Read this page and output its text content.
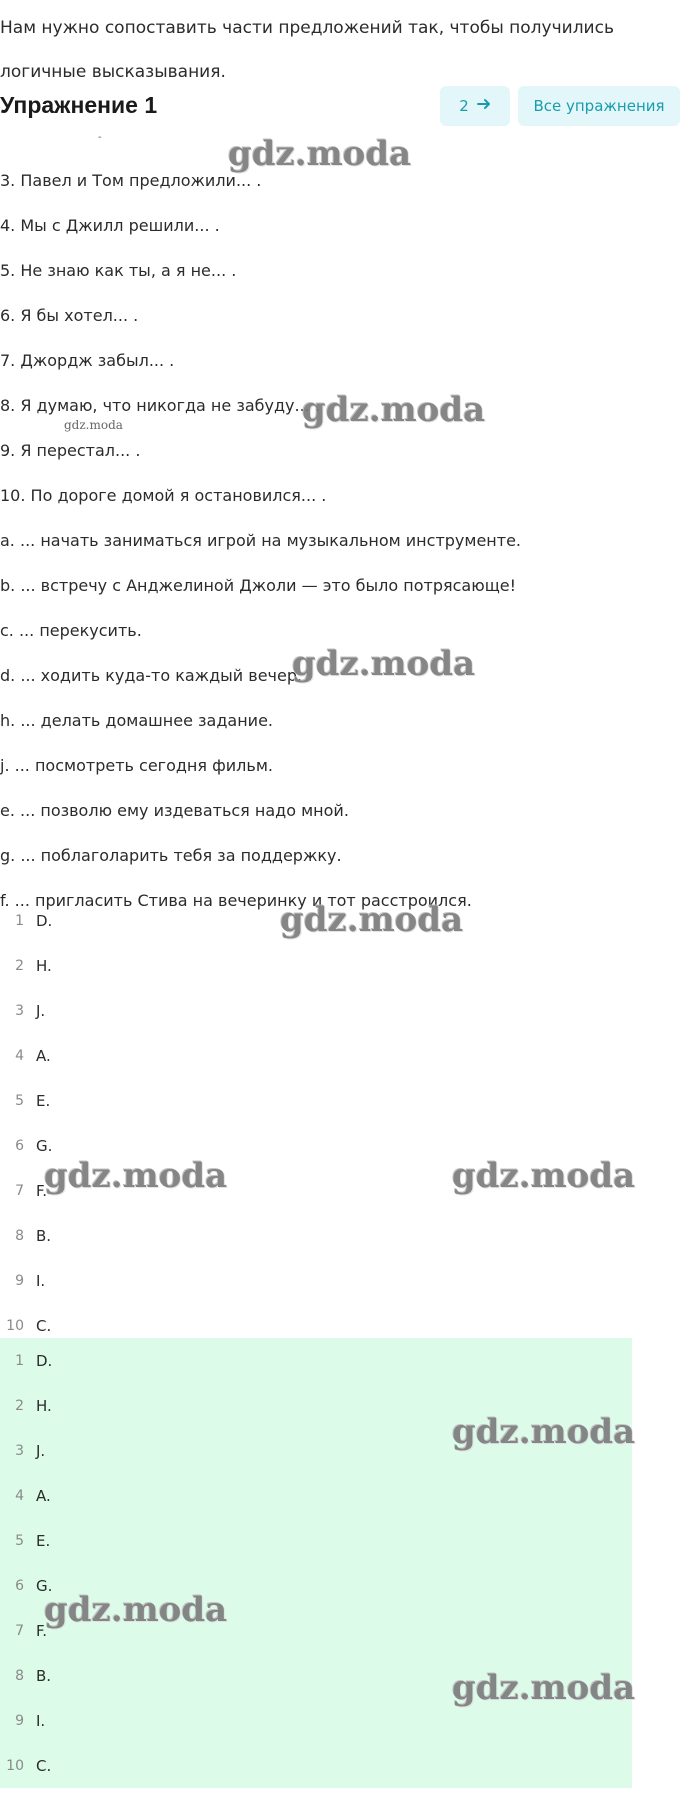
Нам нужно сопоставить части предложений так, чтобы получились логичные высказывания.
Упражнение 1	2	Все упражнения
-
3. Павел и Том предложили... .
4. Мы с Джилл решили... .
5. Не знаю как ты, а я не... .
6. Я бы хотел... .
7. Джордж забыл... .
8. Я думаю, что никогда не забуду... .
9. Я перестал... .
10. По дороге домой я остановился... .
a. ... начать заниматься игрой на музыкальном инструменте.
b. ... встречу с Анджелиной Джоли — это было потрясающе!
c. ... перекусить.
d. ... ходить куда-то каждый вечер.
h. ... делать домашнее задание.
j. ... посмотреть сегодня фильм.
e. ... позволю ему издеваться надо мной.
g. ... поблаголарить тебя за поддержку.
f. ... пригласить Стива на вечеринку и тот расстроился.
1 D.
2 H.
3 J.
4 A.
5 E.
6 G.
7 F.
8 B.
9 I.
10 C.
1 D.
2 H.
3 J.
4 A.
5 E.
6 G.
7 F.
8 B.
9 I.
10 C.
gdz.moda
gdz.moda
gdz.moda
gdz.moda
gdz.moda
gdz.moda	gdz.moda
gdz.moda
gdz.moda
gdz.moda
